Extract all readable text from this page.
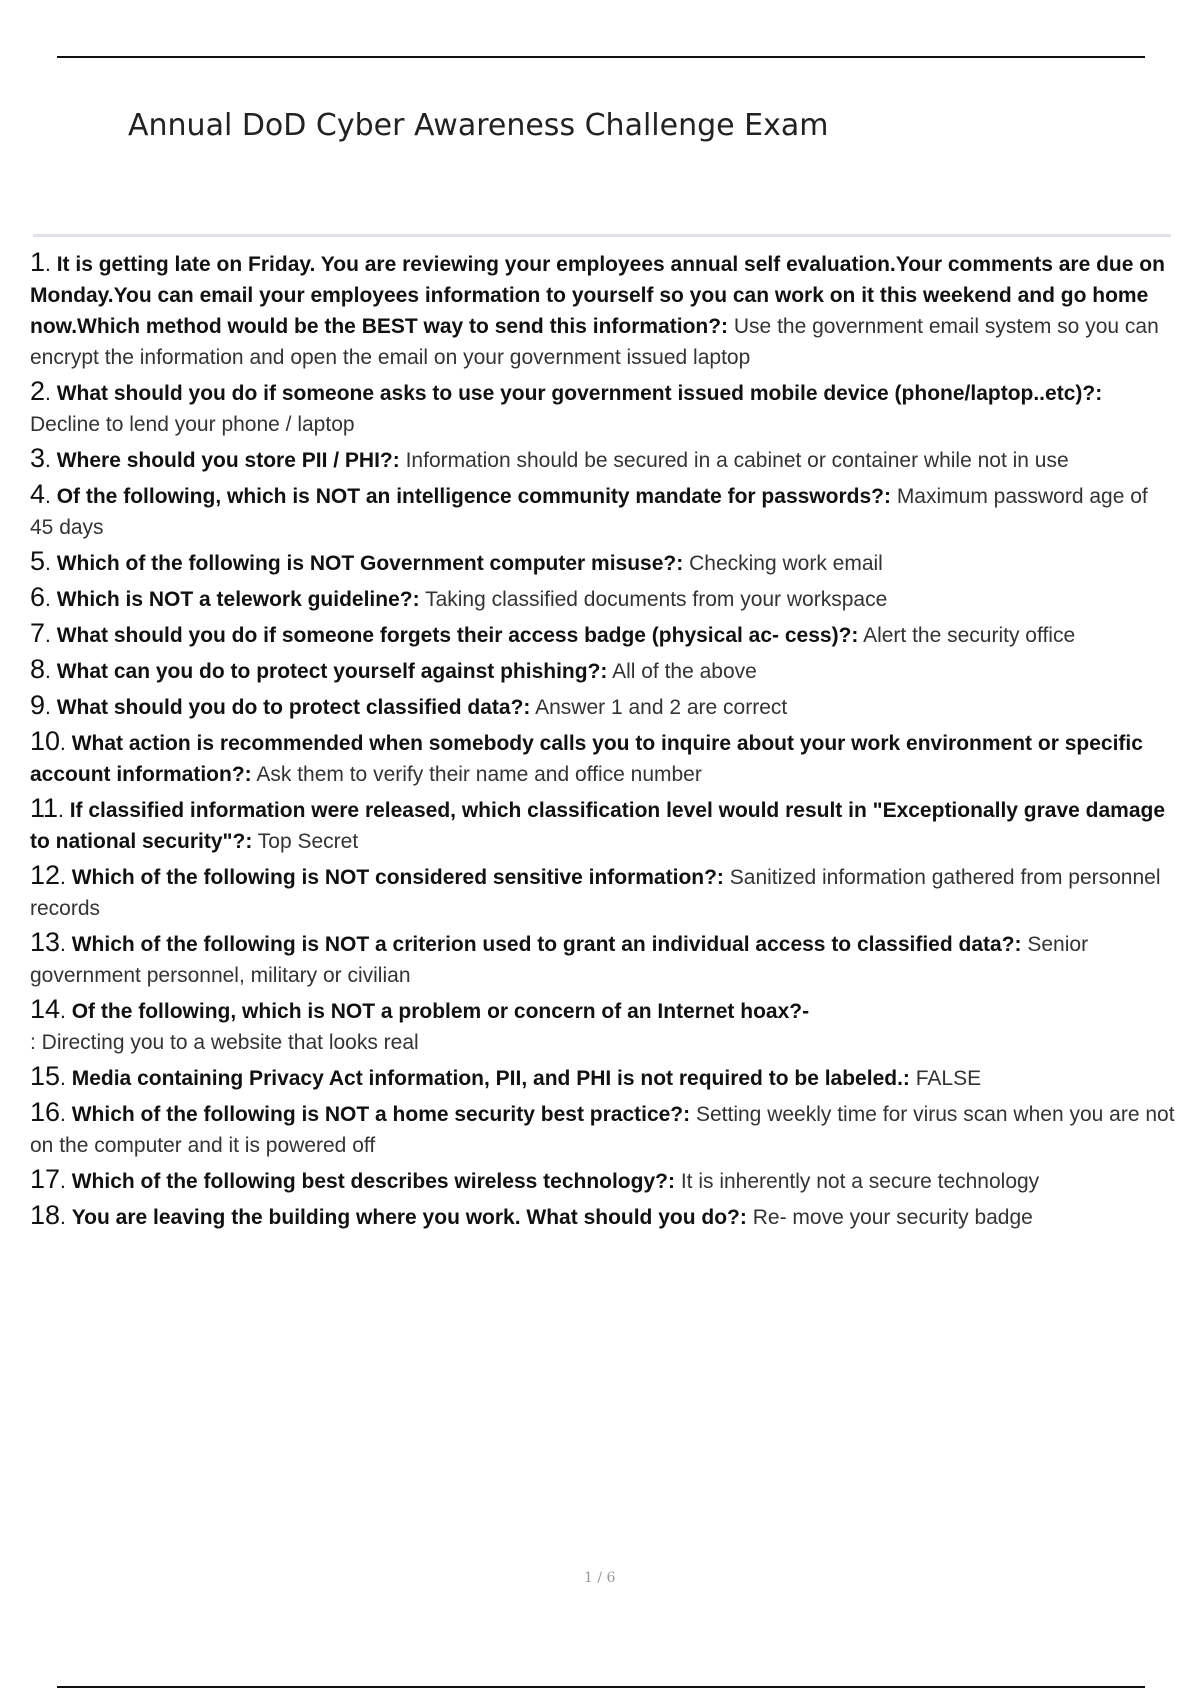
Annual DoD Cyber Awareness Challenge Exam
1. It is getting late on Friday. You are reviewing your employees annual self evaluation.Your comments are due on Monday.You can email your employees information to yourself so you can work on it this weekend and go home now.Which method would be the BEST way to send this information?: Use the government email system so you can encrypt the information and open the email on your government issued laptop
2. What should you do if someone asks to use your government issued mobile device (phone/laptop..etc)?: Decline to lend your phone / laptop
3. Where should you store PII / PHI?: Information should be secured in a cabinet or container while not in use
4. Of the following, which is NOT an intelligence community mandate for passwords?: Maximum password age of 45 days
5. Which of the following is NOT Government computer misuse?: Checking work email
6. Which is NOT a telework guideline?: Taking classified documents from your workspace
7. What should you do if someone forgets their access badge (physical ac- cess)?: Alert the security office
8. What can you do to protect yourself against phishing?: All of the above
9. What should you do to protect classified data?: Answer 1 and 2 are correct
10. What action is recommended when somebody calls you to inquire about your work environment or specific account information?: Ask them to verify their name and office number
11. If classified information were released, which classification level would result in "Exceptionally grave damage to national security"?: Top Secret
12. Which of the following is NOT considered sensitive information?: Sanitized information gathered from personnel records
13. Which of the following is NOT a criterion used to grant an individual access to classified data?: Senior government personnel, military or civilian
14. Of the following, which is NOT a problem or concern of an Internet hoax?-
: Directing you to a website that looks real
15. Media containing Privacy Act information, PII, and PHI is not required to be labeled.: FALSE
16. Which of the following is NOT a home security best practice?: Setting weekly time for virus scan when you are not on the computer and it is powered off
17. Which of the following best describes wireless technology?: It is inherently not a secure technology
18. You are leaving the building where you work. What should you do?: Re- move your security badge
1 / 6
